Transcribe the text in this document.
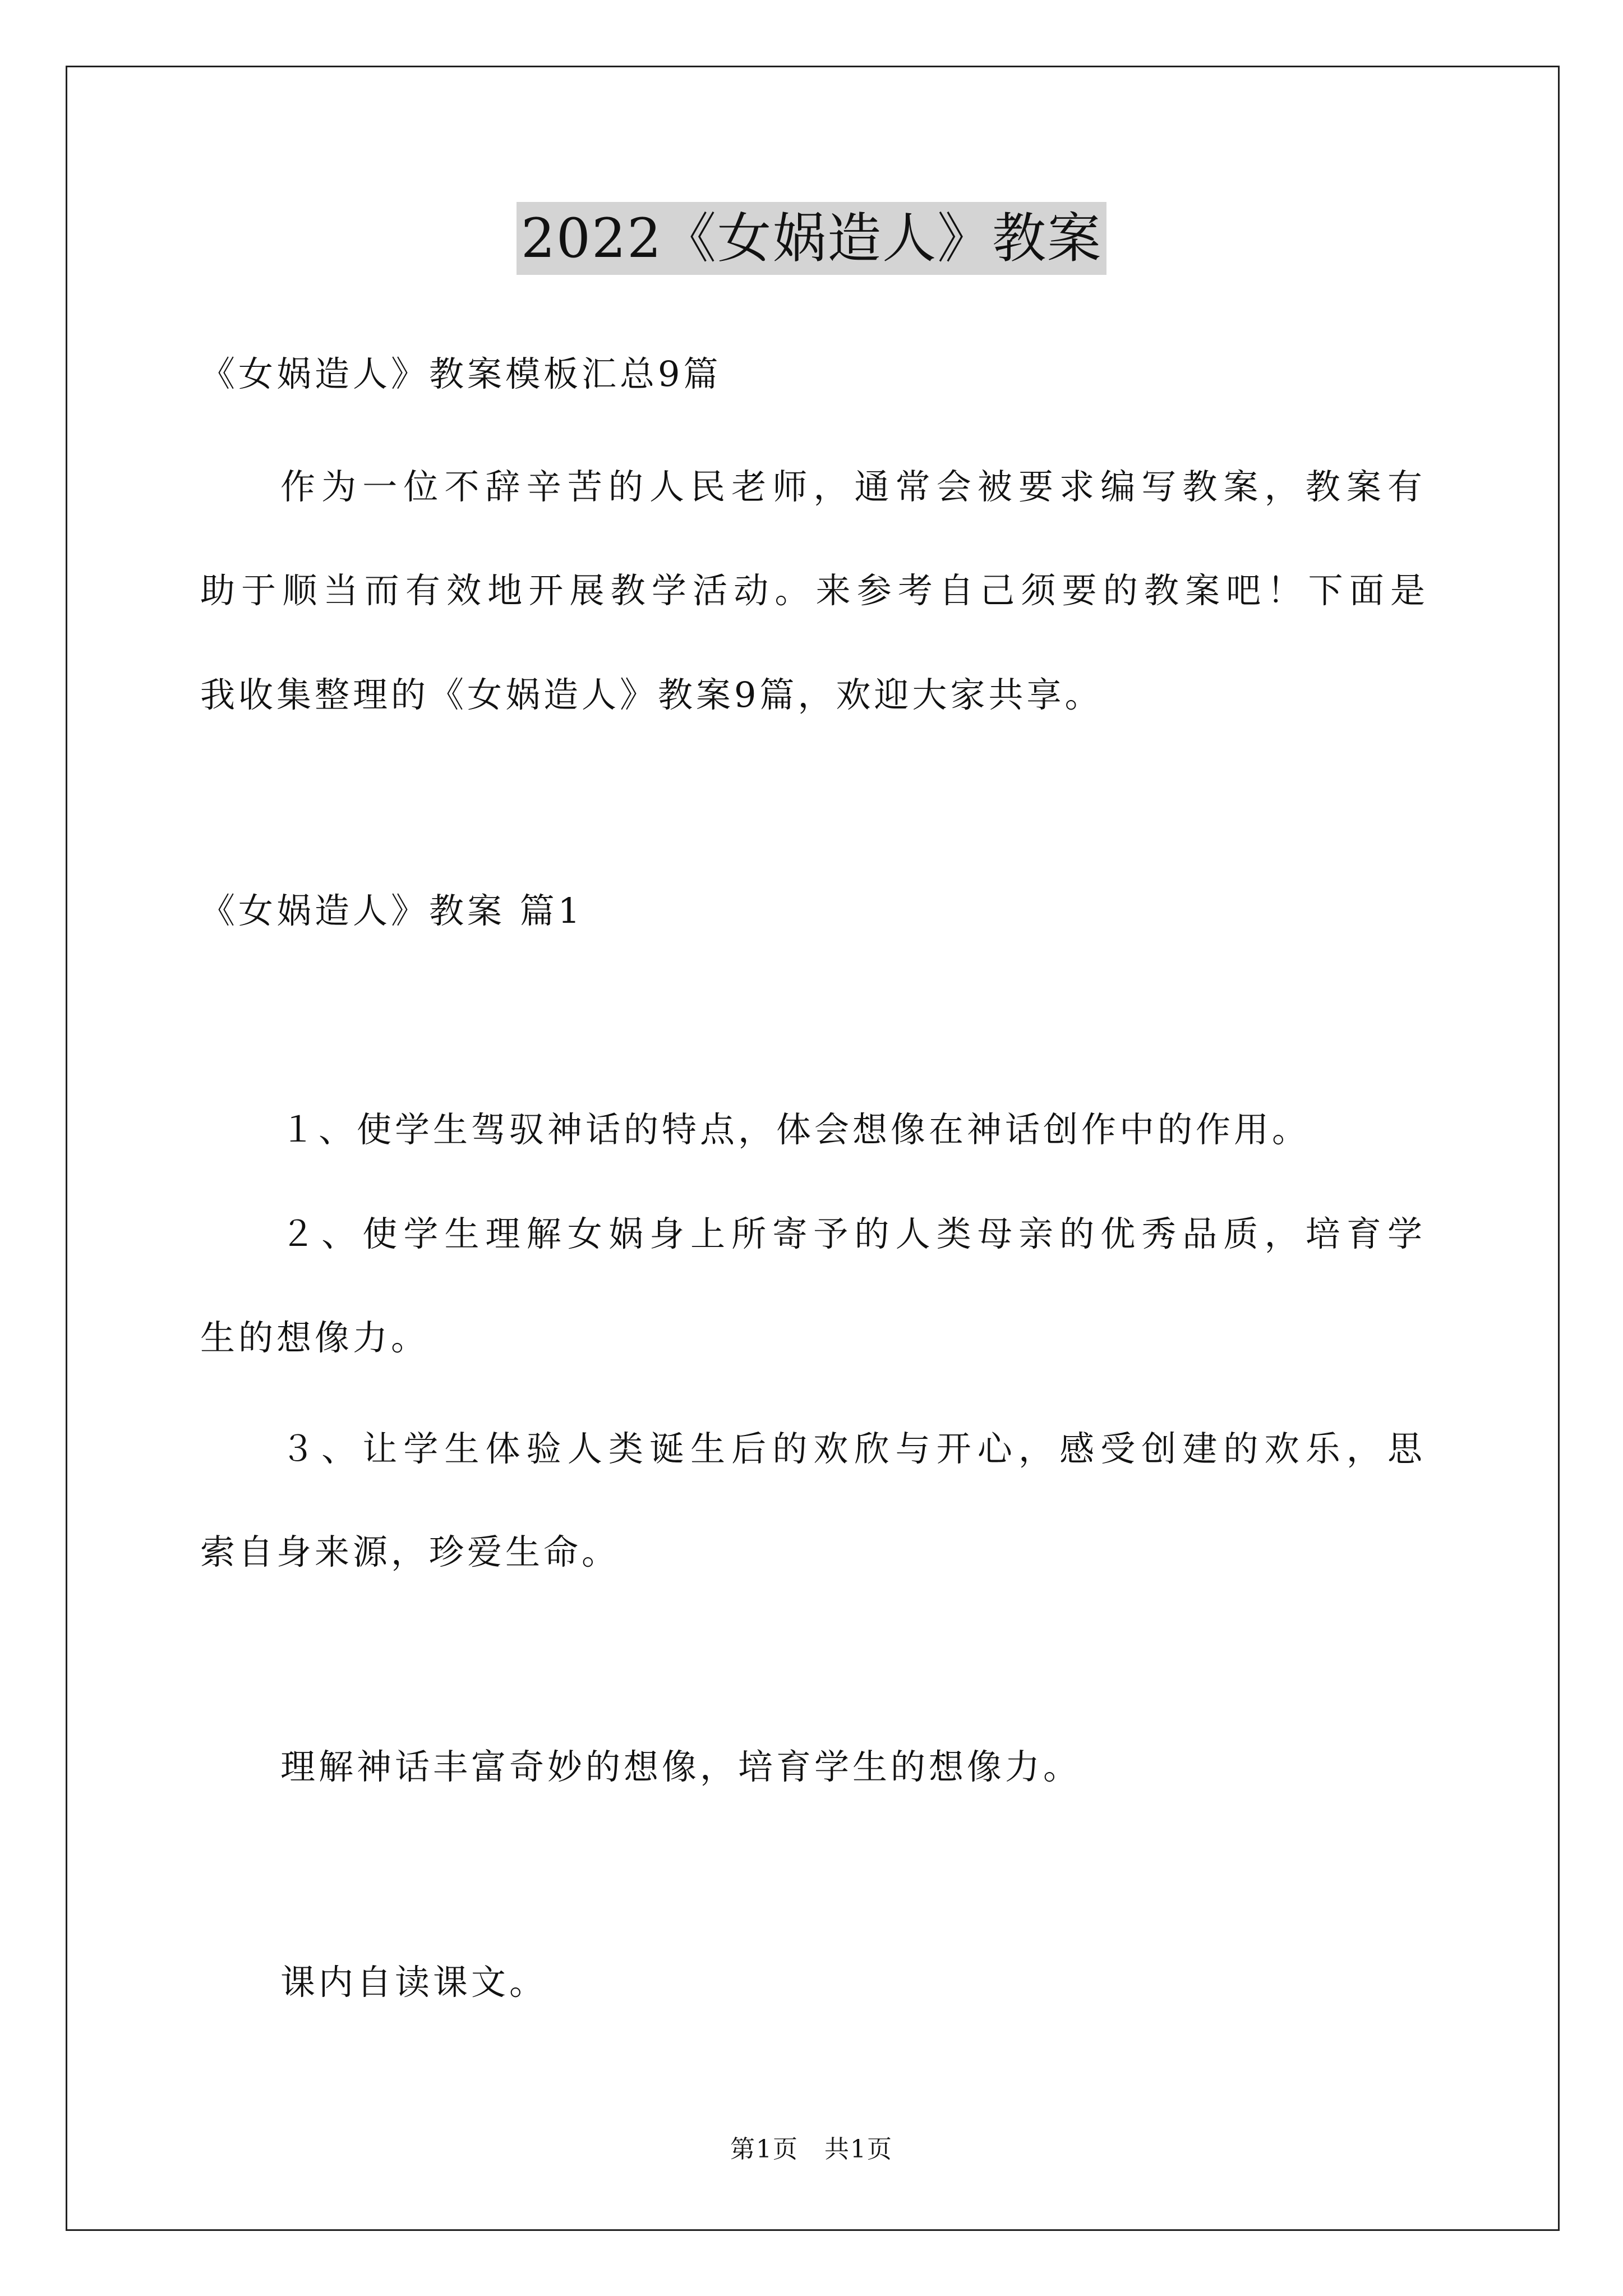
2022《女娲造人》教案
《女娲造人》教案模板汇总9篇
作为一位不辞辛苦的人民老师，通常会被要求编写教案，教案有
助于顺当而有效地开展教学活动。来参考自己须要的教案吧！下面是
我收集整理的《女娲造人》教案9篇，欢迎大家共享。
《女娲造人》教案 篇1
１、使学生驾驭神话的特点，体会想像在神话创作中的作用。
２、使学生理解女娲身上所寄予的人类母亲的优秀品质，培育学
生的想像力。
３、让学生体验人类诞生后的欢欣与开心，感受创建的欢乐，思
索自身来源，珍爱生命。
理解神话丰富奇妙的想像，培育学生的想像力。
课内自读课文。
第1页　共1页
